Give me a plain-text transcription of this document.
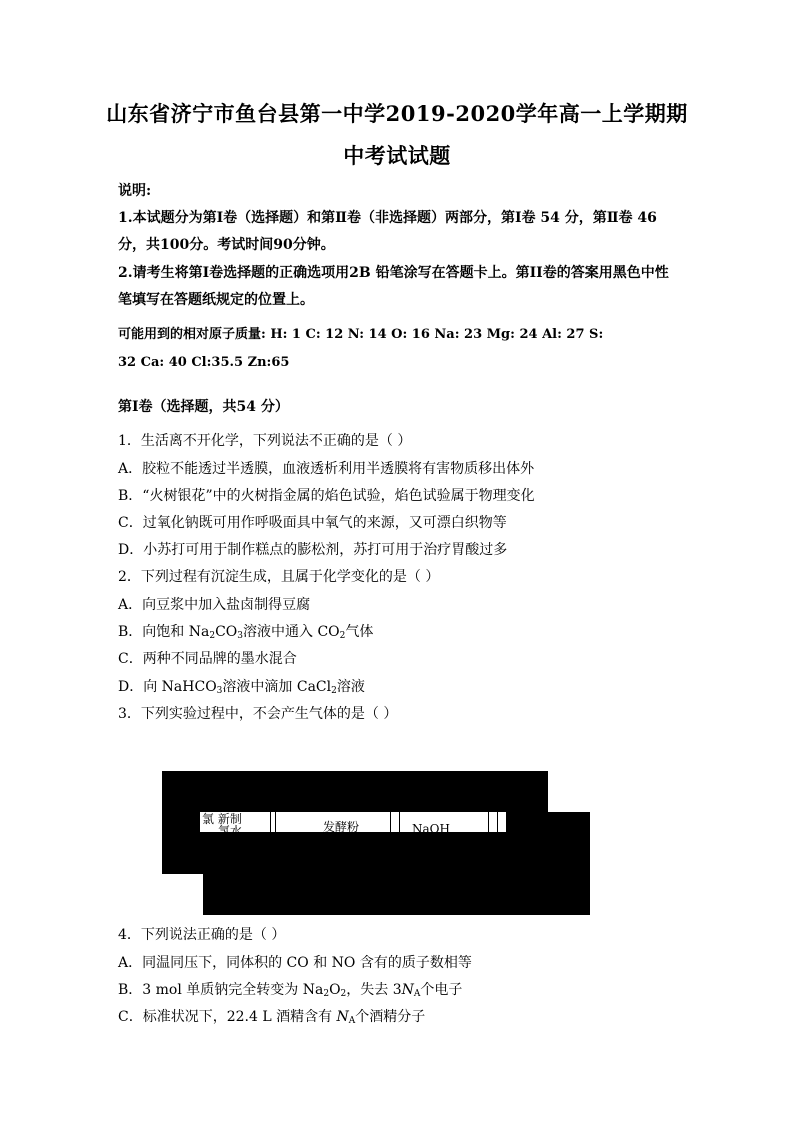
山东省济宁市鱼台县第一中学2019-2020学年高一上学期期
中考试试题
说明:
1.本试题分为第Ⅰ卷（选择题）和第Ⅱ卷（非选择题）两部分，第Ⅰ卷 54 分，第Ⅱ卷 46
分，共100分。考试时间90分钟。
2.请考生将第Ⅰ卷选择题的正确选项用2B 铅笔涂写在答题卡上。第II卷的答案用黑色中性
笔填写在答题纸规定的位置上。
可能用到的相对原子质量: H: 1 C: 12 N: 14 O: 16 Na: 23 Mg: 24 Al: 27 S:
32 Ca: 40 Cl:35.5 Zn:65
第Ⅰ卷（选择题，共54 分）
1．生活离不开化学，下列说法不正确的是（ ）
A．胶粒不能透过半透膜，血液透析利用半透膜将有害物质移出体外
B．“火树银花”中的火树指金属的焰色试验，焰色试验属于物理变化
C．过氧化钠既可用作呼吸面具中氧气的来源，又可漂白织物等
D．小苏打可用于制作糕点的膨松剂，苏打可用于治疗胃酸过多
2．下列过程有沉淀生成，且属于化学变化的是（ ）
A．向豆浆中加入盐卤制得豆腐
B．向饱和 $Na_2CO_3$溶液中通入 $CO_2$气体
C．两种不同品牌的墨水混合
D．向 NaHCO$_3$溶液中滴加 CaCl$_2$溶液
3．下列实验过程中，不会产生气体的是（ ）
氯 新制
氯水	发酵粉	NaOH
4．下列说法正确的是（ ）
A．同温同压下，同体积的 CO 和 NO 含有的质子数相等
B．3 mol 单质钠完全转变为 $Na_2O_2$，失去 $3N_A$个电子
C．标准状况下，22.4 L 酒精含有 $N_A$个酒精分子
